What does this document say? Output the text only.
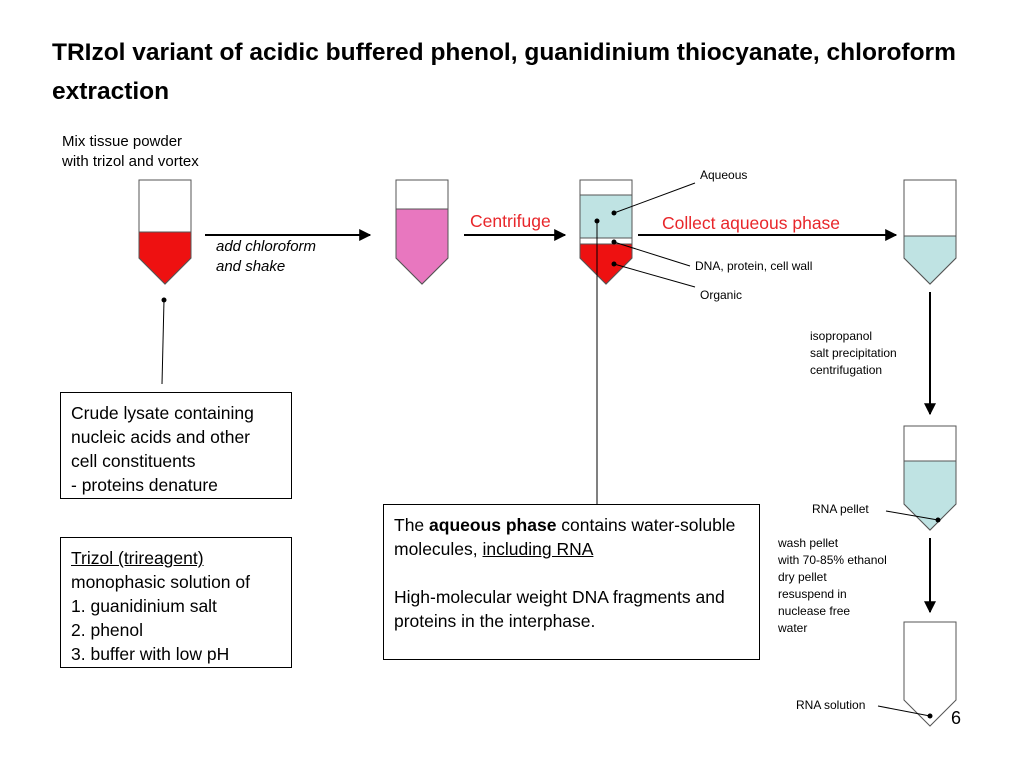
TRIzol variant of acidic buffered phenol, guanidinium thiocyanate, chloroform extraction
Mix tissue powder
with trizol and vortex
add chloroform
and shake
Centrifuge	Collect aqueous phase
Aqueous
DNA, protein, cell wall
Organic
isopropanol
salt precipitation
centrifugation
RNA pellet
wash pellet
with 70-85% ethanol
dry pellet
resuspend in
nuclease free
water
RNA solution
6
Crude lysate containing
nucleic acids and other
cell constituents
- proteins denature
Trizol (trireagent)
monophasic solution of
1. guanidinium salt
2. phenol
3. buffer with low pH
The aqueous phase contains water-soluble molecules, including RNA
High-molecular weight DNA fragments and proteins in the interphase.
